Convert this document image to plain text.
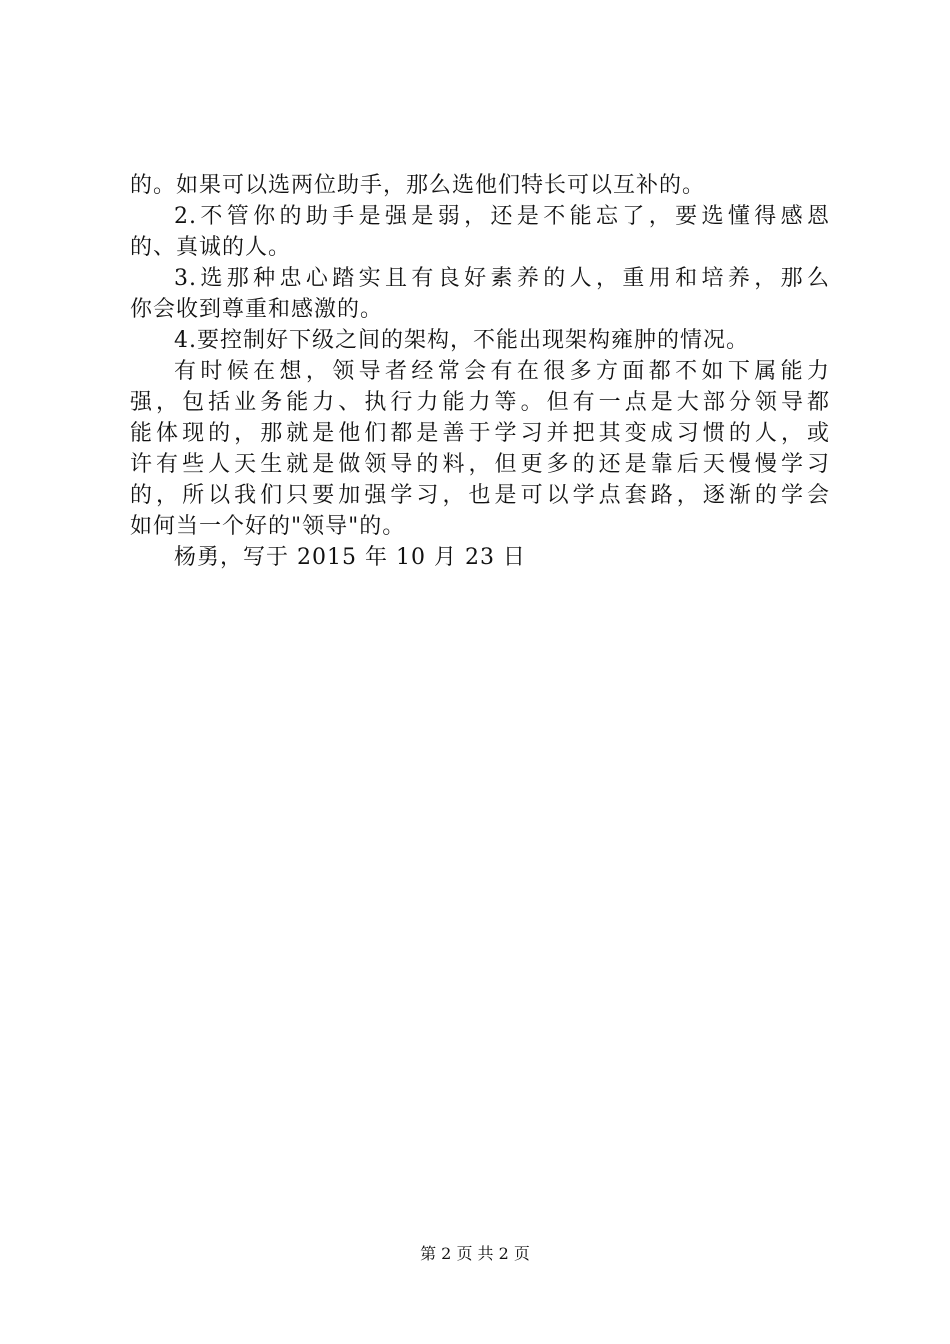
的。如果可以选两位助手，那么选他们特长可以互补的。
2.不管你的助手是强是弱，还是不能忘了，要选懂得感恩
的、真诚的人。
3.选那种忠心踏实且有良好素养的人，重用和培养，那么
你会收到尊重和感激的。
4.要控制好下级之间的架构，不能出现架构雍肿的情况。
有时候在想，领导者经常会有在很多方面都不如下属能力
强，包括业务能力、执行力能力等。但有一点是大部分领导都
能体现的，那就是他们都是善于学习并把其变成习惯的人，或
许有些人天生就是做领导的料，但更多的还是靠后天慢慢学习
的，所以我们只要加强学习，也是可以学点套路，逐渐的学会
如何当一个好的"领导"的。
杨勇，写于 2015 年 10 月 23 日
第 2 页 共 2 页
